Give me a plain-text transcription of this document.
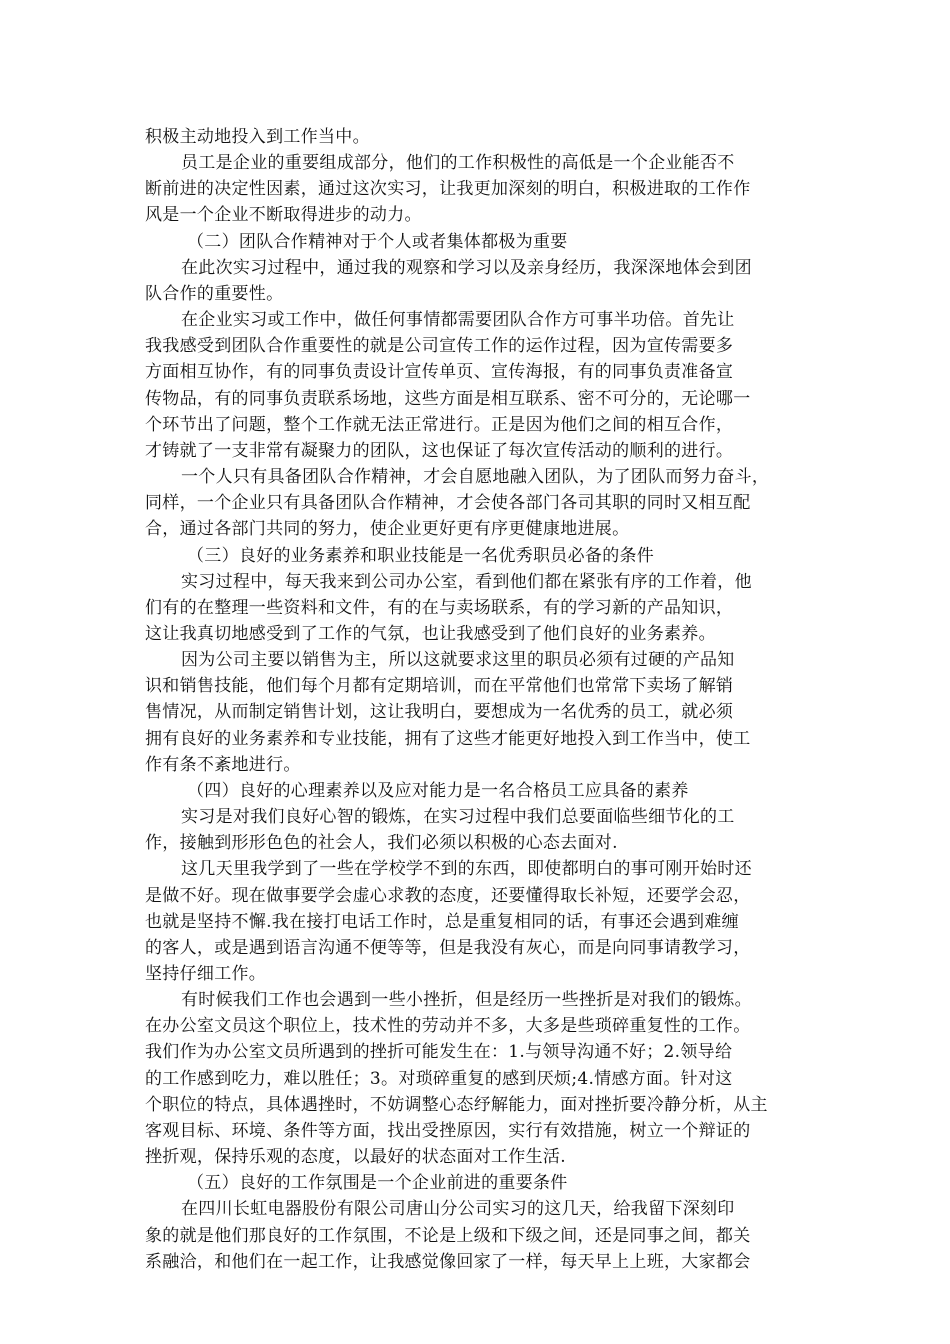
积极主动地投入到工作当中。
员工是企业的重要组成部分，他们的工作积极性的高低是一个企业能否不
断前进的决定性因素，通过这次实习，让我更加深刻的明白，积极进取的工作作
风是一个企业不断取得进步的动力。
（二）团队合作精神对于个人或者集体都极为重要
在此次实习过程中，通过我的观察和学习以及亲身经历，我深深地体会到团
队合作的重要性。
在企业实习或工作中，做任何事情都需要团队合作方可事半功倍。首先让
我我感受到团队合作重要性的就是公司宣传工作的运作过程，因为宣传需要多
方面相互协作，有的同事负责设计宣传单页、宣传海报，有的同事负责准备宣
传物品，有的同事负责联系场地，这些方面是相互联系、密不可分的，无论哪一
个环节出了问题，整个工作就无法正常进行。正是因为他们之间的相互合作，
才铸就了一支非常有凝聚力的团队，这也保证了每次宣传活动的顺利的进行。
一个人只有具备团队合作精神，才会自愿地融入团队，为了团队而努力奋斗，
同样，一个企业只有具备团队合作精神，才会使各部门各司其职的同时又相互配
合，通过各部门共同的努力，使企业更好更有序更健康地进展。
（三）良好的业务素养和职业技能是一名优秀职员必备的条件
实习过程中，每天我来到公司办公室，看到他们都在紧张有序的工作着，他
们有的在整理一些资料和文件，有的在与卖场联系，有的学习新的产品知识，
这让我真切地感受到了工作的气氛，也让我感受到了他们良好的业务素养。
因为公司主要以销售为主，所以这就要求这里的职员必须有过硬的产品知
识和销售技能，他们每个月都有定期培训，而在平常他们也常常下卖场了解销
售情况，从而制定销售计划，这让我明白，要想成为一名优秀的员工，就必须
拥有良好的业务素养和专业技能，拥有了这些才能更好地投入到工作当中，使工
作有条不紊地进行。
（四）良好的心理素养以及应对能力是一名合格员工应具备的素养
实习是对我们良好心智的锻炼，在实习过程中我们总要面临些细节化的工
作，接触到形形色色的社会人，我们必须以积极的心态去面对.
这几天里我学到了一些在学校学不到的东西，即使都明白的事可刚开始时还
是做不好。现在做事要学会虚心求教的态度，还要懂得取长补短，还要学会忍，
也就是坚持不懈.我在接打电话工作时，总是重复相同的话，有事还会遇到难缠
的客人，或是遇到语言沟通不便等等，但是我没有灰心，而是向同事请教学习，
坚持仔细工作。
有时候我们工作也会遇到一些小挫折，但是经历一些挫折是对我们的锻炼。
在办公室文员这个职位上，技术性的劳动并不多，大多是些琐碎重复性的工作。
我们作为办公室文员所遇到的挫折可能发生在：1.与领导沟通不好；2.领导给
的工作感到吃力，难以胜任；3。对琐碎重复的感到厌烦;4.情感方面。针对这
个职位的特点，具体遇挫时，不妨调整心态纾解能力，面对挫折要冷静分析，从主
客观目标、环境、条件等方面，找出受挫原因，实行有效措施，树立一个辩证的
挫折观，保持乐观的态度，以最好的状态面对工作生活.
（五）良好的工作氛围是一个企业前进的重要条件
在四川长虹电器股份有限公司唐山分公司实习的这几天，给我留下深刻印
象的就是他们那良好的工作氛围，不论是上级和下级之间，还是同事之间，都关
系融洽，和他们在一起工作，让我感觉像回家了一样，每天早上上班，大家都会
